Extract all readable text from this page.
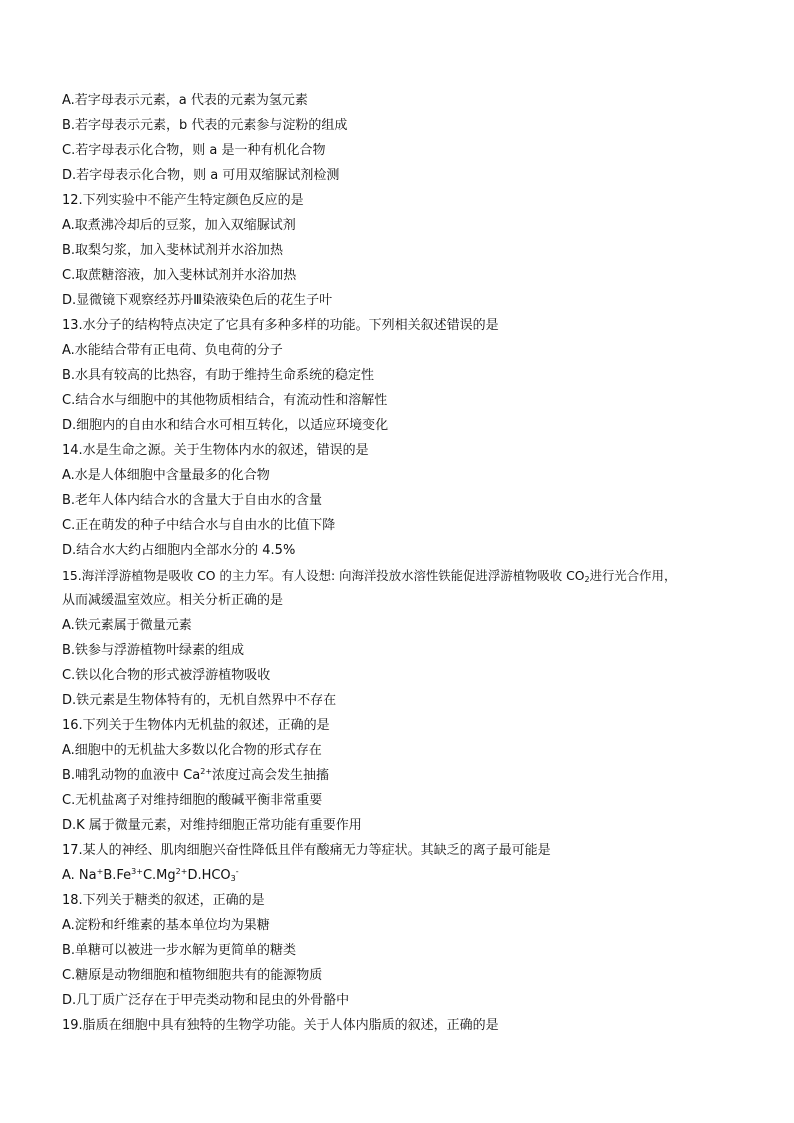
A.若字母表示元素，a 代表的元素为氢元素
B.若字母表示元素，b 代表的元素参与淀粉的组成
C.若字母表示化合物，则 a 是一种有机化合物
D.若字母表示化合物，则 a 可用双缩脲试剂检测
12.下列实验中不能产生特定颜色反应的是
A.取煮沸冷却后的豆浆，加入双缩脲试剂
B.取梨匀浆，加入斐林试剂并水浴加热
C.取蔗糖溶液，加入斐林试剂并水浴加热
D.显微镜下观察经苏丹Ⅲ染液染色后的花生子叶
13.水分子的结构特点决定了它具有多种多样的功能。下列相关叙述错误的是
A.水能结合带有正电荷、负电荷的分子
B.水具有较高的比热容，有助于维持生命系统的稳定性
C.结合水与细胞中的其他物质相结合，有流动性和溶解性
D.细胞内的自由水和结合水可相互转化，以适应环境变化
14.水是生命之源。关于生物体内水的叙述，错误的是
A.水是人体细胞中含量最多的化合物
B.老年人体内结合水的含量大于自由水的含量
C.正在萌发的种子中结合水与自由水的比值下降
D.结合水大约占细胞内全部水分的 4.5%
15.海洋浮游植物是吸收 CO 的主力军。有人设想: 向海洋投放水溶性铁能促进浮游植物吸收 $CO_2$进行光合作用，
从而减缓温室效应。相关分析正确的是
A.铁元素属于微量元素
B.铁参与浮游植物叶绿素的组成
C.铁以化合物的形式被浮游植物吸收
D.铁元素是生物体特有的，无机自然界中不存在
16.下列关于生物体内无机盐的叙述，正确的是
A.细胞中的无机盐大多数以化合物的形式存在
B.哺乳动物的血液中 $Ca^{2+}$浓度过高会发生抽搐
C.无机盐离子对维持细胞的酸碱平衡非常重要
D.K 属于微量元素，对维持细胞正常功能有重要作用
17.某人的神经、肌肉细胞兴奋性降低且伴有酸痛无力等症状。其缺乏的离子最可能是
A. $Na^+B.Fe^{3+}C.Mg^{2+}D.HCO_3^-$
18.下列关于糖类的叙述，正确的是
A.淀粉和纤维素的基本单位均为果糖
B.单糖可以被进一步水解为更简单的糖类
C.糖原是动物细胞和植物细胞共有的能源物质
D.几丁质广泛存在于甲壳类动物和昆虫的外骨骼中
19.脂质在细胞中具有独特的生物学功能。关于人体内脂质的叙述，正确的是
